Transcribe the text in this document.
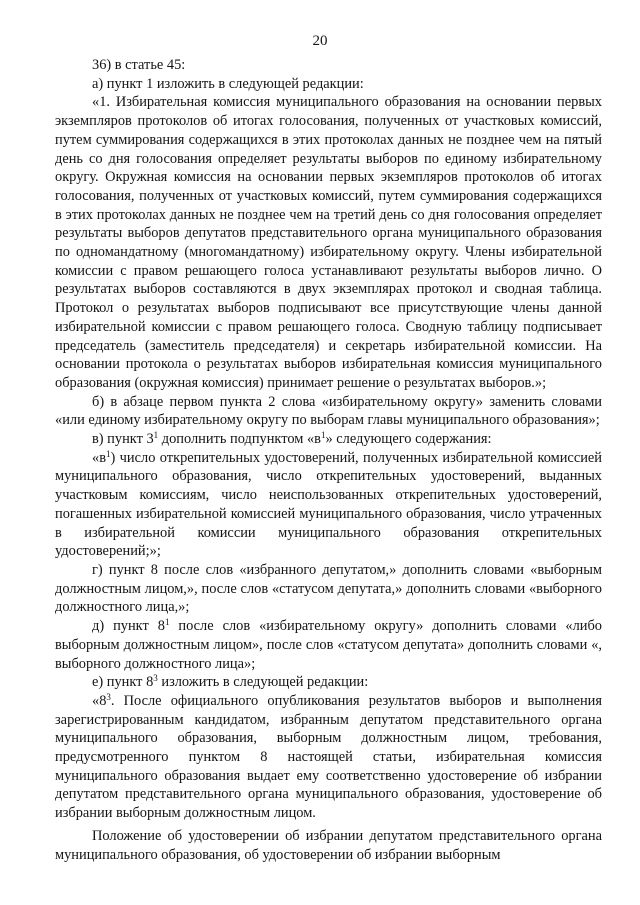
20

36) в статье 45:

а) пункт 1 изложить в следующей редакции:

«1. Избирательная комиссия муниципального образования на основании первых экземпляров протоколов об итогах голосования, полученных от участковых комиссий, путем суммирования содержащихся в этих протоколах данных не позднее чем на пятый день со дня голосования определяет результаты выборов по единому избирательному округу. Окружная комиссия на основании первых экземпляров протоколов об итогах голосования, полученных от участковых комиссий, путем суммирования содержащихся в этих протоколах данных не позднее чем на третий день со дня голосования определяет результаты выборов депутатов представительного органа муниципального образования по одномандатному (многомандатному) избирательному округу. Члены избирательной комиссии с правом решающего голоса устанавливают результаты выборов лично. О результатах выборов составляются в двух экземплярах протокол и сводная таблица. Протокол о результатах выборов подписывают все присутствующие члены данной избирательной комиссии с правом решающего голоса. Сводную таблицу подписывает председатель (заместитель председателя) и секретарь избирательной комиссии. На основании протокола о результатах выборов избирательная комиссия муниципального образования (окружная комиссия) принимает решение о результатах выборов.»;

б) в абзаце первом пункта 2 слова «избирательному округу» заменить словами «или единому избирательному округу по выборам главы муниципального образования»;

в) пункт $3^1$ дополнить подпунктом «$в^1$» следующего содержания:

«$в^1$) число открепительных удостоверений, полученных избирательной комиссией муниципального образования, число открепительных удостоверений, выданных участковым комиссиям, число неиспользованных открепительных удостоверений, погашенных избирательной комиссией муниципального образования, число утраченных в избирательной комиссии муниципального образования открепительных удостоверений;»;

г) пункт 8 после слов «избранного депутатом,» дополнить словами «выборным должностным лицом,», после слов «статусом депутата,» дополнить словами «выборного должностного лица,»;

д) пункт $8^1$ после слов «избирательному округу» дополнить словами «либо выборным должностным лицом», после слов «статусом депутата» дополнить словами «, выборного должностного лица»;

е) пункт $8^3$ изложить в следующей редакции:

«$8^3$. После официального опубликования результатов выборов и выполнения зарегистрированным кандидатом, избранным депутатом представительного органа муниципального образования, выборным должностным лицом, требования, предусмотренного пунктом 8 настоящей статьи, избирательная комиссия муниципального образования выдает ему соответственно удостоверение об избрании депутатом представительного органа муниципального образования, удостоверение об избрании выборным должностным лицом.

Положение об удостоверении об избрании депутатом представительного органа муниципального образования, об удостоверении об избрании выборным
